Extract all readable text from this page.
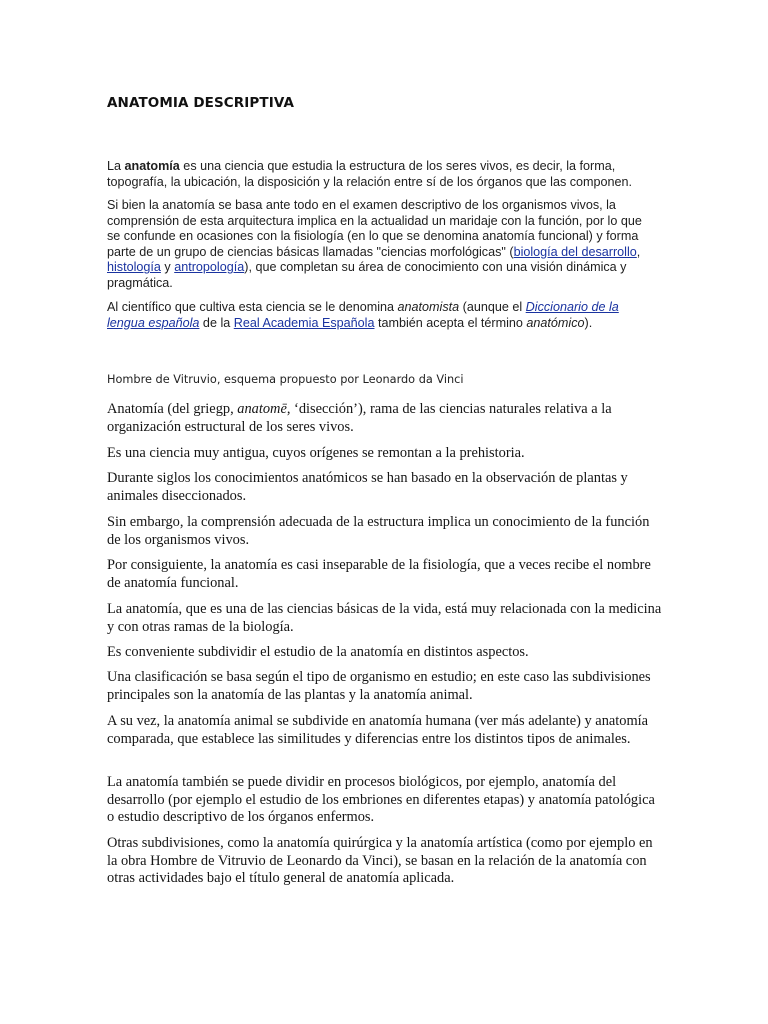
ANATOMIA DESCRIPTIVA

La anatomía es una ciencia que estudia la estructura de los seres vivos, es decir, la forma, topografía, la ubicación, la disposición y la relación entre sí de los órganos que las componen.

Si bien la anatomía se basa ante todo en el examen descriptivo de los organismos vivos, la comprensión de esta arquitectura implica en la actualidad un maridaje con la función, por lo que se confunde en ocasiones con la fisiología (en lo que se denomina anatomía funcional) y forma parte de un grupo de ciencias básicas llamadas "ciencias morfológicas" (biología del desarrollo, histología y antropología), que completan su área de conocimiento con una visión dinámica y pragmática.

Al científico que cultiva esta ciencia se le denomina anatomista (aunque el Diccionario de la lengua española de la Real Academia Española también acepta el término anatómico).

Hombre de Vitruvio, esquema propuesto por Leonardo da Vinci

Anatomía (del griegp, anatomē, ‘disección’), rama de las ciencias naturales relativa a la organización estructural de los seres vivos.

Es una ciencia muy antigua, cuyos orígenes se remontan a la prehistoria.

Durante siglos los conocimientos anatómicos se han basado en la observación de plantas y animales diseccionados.

Sin embargo, la comprensión adecuada de la estructura implica un conocimiento de la función de los organismos vivos.

Por consiguiente, la anatomía es casi inseparable de la fisiología, que a veces recibe el nombre de anatomía funcional.

La anatomía, que es una de las ciencias básicas de la vida, está muy relacionada con la medicina y con otras ramas de la biología.

Es conveniente subdividir el estudio de la anatomía en distintos aspectos.

Una clasificación se basa según el tipo de organismo en estudio; en este caso las subdivisiones principales son la anatomía de las plantas y la anatomía animal.

A su vez, la anatomía animal se subdivide en anatomía humana (ver más adelante) y anatomía comparada, que establece las similitudes y diferencias entre los distintos tipos de animales.

La anatomía también se puede dividir en procesos biológicos, por ejemplo, anatomía del desarrollo (por ejemplo el estudio de los embriones en diferentes etapas) y anatomía patológica o estudio descriptivo de los órganos enfermos.

Otras subdivisiones, como la anatomía quirúrgica y la anatomía artística (como por ejemplo en la obra Hombre de Vitruvio de Leonardo da Vinci), se basan en la relación de la anatomía con otras actividades bajo el título general de anatomía aplicada.
